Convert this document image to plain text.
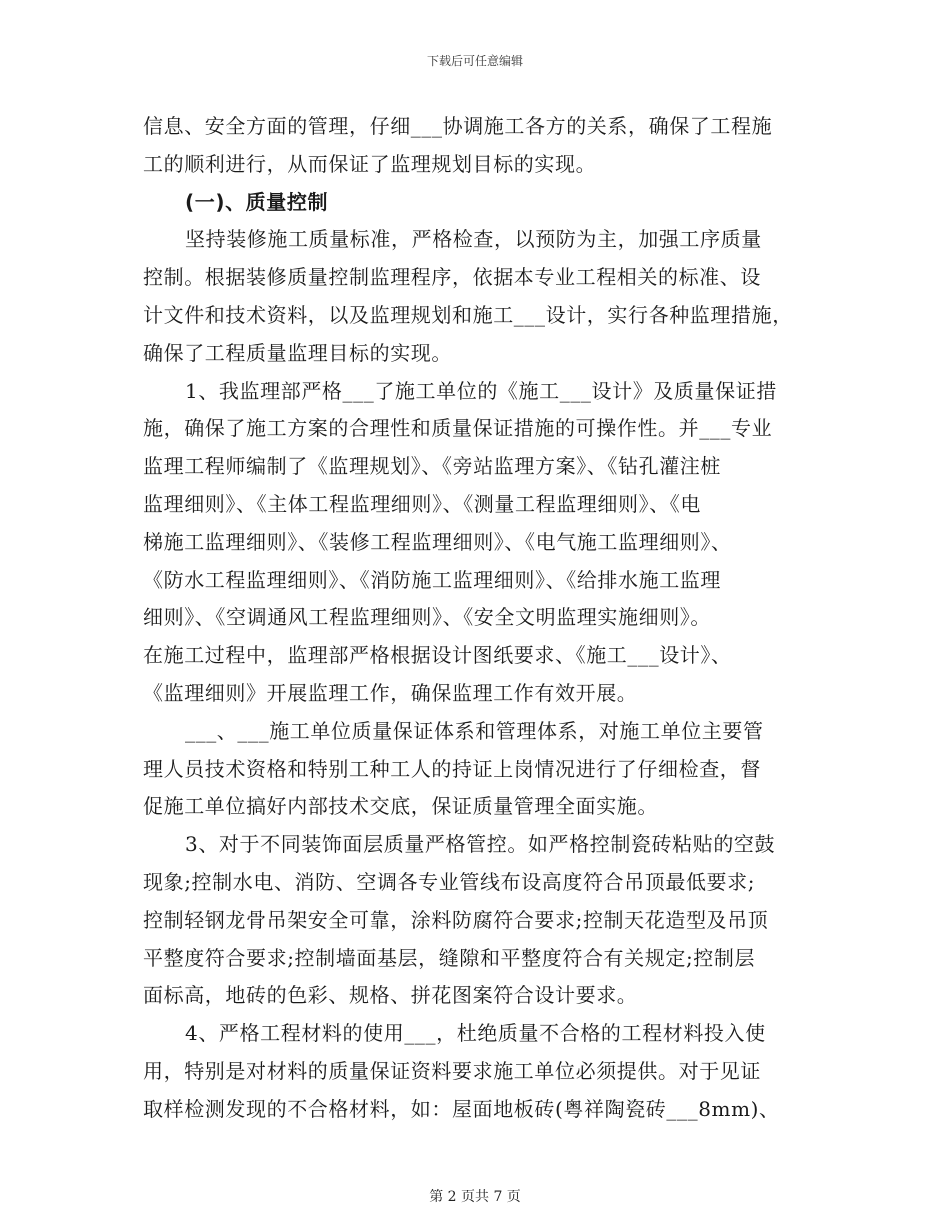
下载后可任意编辑
信息、安全方面的管理，仔细___协调施工各方的关系，确保了工程施
工的顺利进行，从而保证了监理规划目标的实现。
(一)、质量控制
坚持装修施工质量标准，严格检查，以预防为主，加强工序质量
控制。根据装修质量控制监理程序，依据本专业工程相关的标准、设
计文件和技术资料，以及监理规划和施工___设计，实行各种监理措施，
确保了工程质量监理目标的实现。
1、我监理部严格___了施工单位的《施工___设计》及质量保证措
施，确保了施工方案的合理性和质量保证措施的可操作性。并___专业
监理工程师编制了《监理规划》、《旁站监理方案》、《钻孔灌注桩
监理细则》、《主体工程监理细则》、《测量工程监理细则》、《电
梯施工监理细则》、《装修工程监理细则》、《电气施工监理细则》、
《防水工程监理细则》、《消防施工监理细则》、《给排水施工监理
细则》、《空调通风工程监理细则》、《安全文明监理实施细则》。
在施工过程中，监理部严格根据设计图纸要求、《施工___设计》、
《监理细则》开展监理工作，确保监理工作有效开展。
___、___施工单位质量保证体系和管理体系，对施工单位主要管
理人员技术资格和特别工种工人的持证上岗情况进行了仔细检查，督
促施工单位搞好内部技术交底，保证质量管理全面实施。
3、对于不同装饰面层质量严格管控。如严格控制瓷砖粘贴的空鼓
现象;控制水电、消防、空调各专业管线布设高度符合吊顶最低要求;
控制轻钢龙骨吊架安全可靠，涂料防腐符合要求;控制天花造型及吊顶
平整度符合要求;控制墙面基层，缝隙和平整度符合有关规定;控制层
面标高，地砖的色彩、规格、拼花图案符合设计要求。
4、严格工程材料的使用___，杜绝质量不合格的工程材料投入使
用，特别是对材料的质量保证资料要求施工单位必须提供。对于见证
取样检测发现的不合格材料，如：屋面地板砖(粤祥陶瓷砖___8mm)、
第 2 页共 7 页
